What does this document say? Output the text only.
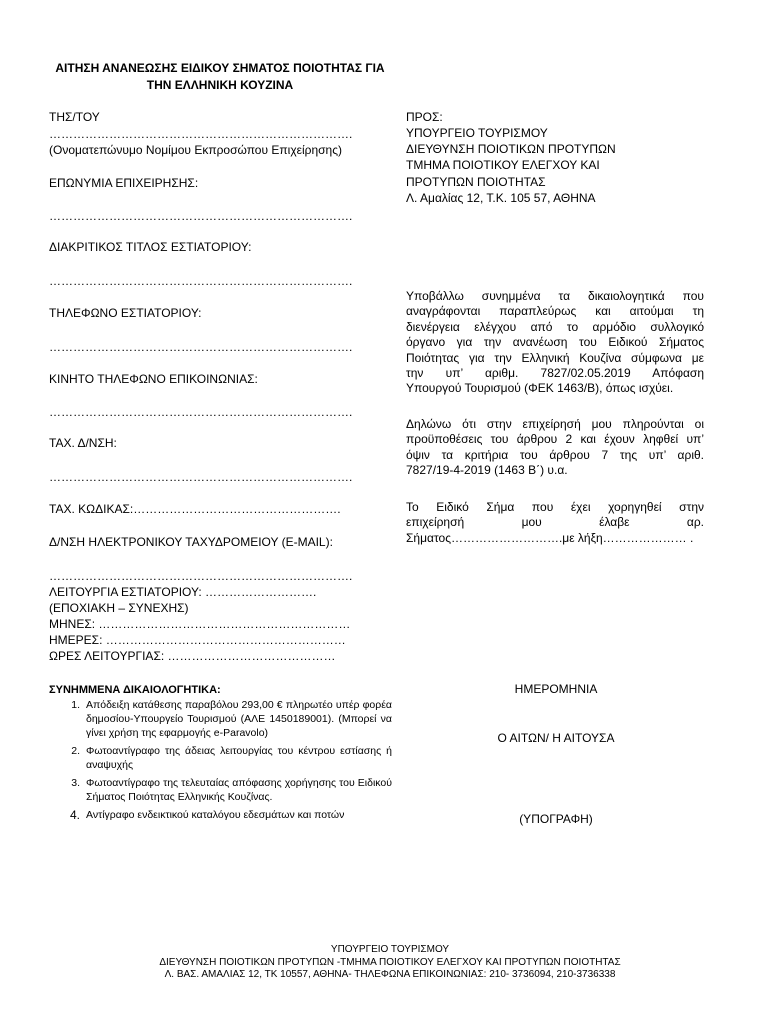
ΑΙΤΗΣΗ ΑΝΑΝΕΩΣΗΣ ΕΙΔΙΚΟΥ ΣΗΜΑΤΟΣ ΠΟΙΟΤΗΤΑΣ ΓΙΑ
ΤΗΝ ΕΛΛΗΝΙΚΗ ΚΟΥΖΙΝΑ
ΤΗΣ/ΤΟΥ
………………………………………………………………….
(Ονοματεπώνυμο Νομίμου Εκπροσώπου Επιχείρησης)
ΕΠΩΝΥΜΙΑ ΕΠΙΧΕΙΡΗΣΗΣ:
………………………………………………………………….
ΔΙΑΚΡΙΤΙΚΟΣ ΤΙΤΛΟΣ ΕΣΤΙΑΤΟΡΙΟΥ:
………………………………………………………………….
ΤΗΛΕΦΩΝΟ ΕΣΤΙΑΤΟΡΙΟΥ:
………………………………………………………………….
ΚΙΝΗΤΟ ΤΗΛΕΦΩΝΟ ΕΠΙΚΟΙΝΩΝΙΑΣ:
………………………………………………………………….
ΤΑΧ. Δ/ΝΣΗ:
………………………………………………………………….
ΤΑΧ. ΚΩΔΙΚΑΣ:…………………………………………….
Δ/ΝΣΗ ΗΛΕΚΤΡΟΝΙΚΟΥ ΤΑΧΥΔΡΟΜΕΙΟΥ (E-MAIL):
………………………………………………………………….
ΛΕΙΤΟΥΡΓΙΑ ΕΣΤΙΑΤΟΡΙΟΥ: ……………………….
(ΕΠΟΧΙΑΚΗ – ΣΥΝΕΧΗΣ)
ΜΗΝΕΣ: ………………………………………………………
ΗΜΕΡΕΣ: ……………………………………………………
ΩΡΕΣ ΛΕΙΤΟΥΡΓΙΑΣ: ……………………………………
ΠΡΟΣ:
ΥΠΟΥΡΓΕΙΟ ΤΟΥΡΙΣΜΟΥ
ΔΙΕΥΘΥΝΣΗ ΠΟΙΟΤΙΚΩΝ ΠΡΟΤΥΠΩΝ
ΤΜΗΜΑ ΠΟΙΟΤΙΚΟΥ ΕΛΕΓΧΟΥ ΚΑΙ
ΠΡΟΤΥΠΩΝ ΠΟΙΟΤΗΤΑΣ
Λ. Αμαλίας 12, Τ.Κ. 105 57, ΑΘΗΝΑ
Υποβάλλω συνημμένα τα δικαιολογητικά που
αναγράφονται παραπλεύρως και αιτούμαι τη
διενέργεια ελέγχου από το αρμόδιο συλλογικό
όργανο για την ανανέωση του Ειδικού Σήματος
Ποιότητας για την Ελληνική Κουζίνα σύμφωνα με
την υπ’ αριθμ. 7827/02.05.2019 Απόφαση
Υπουργού Τουρισμού (ΦΕΚ 1463/Β), όπως ισχύει.
Δηλώνω ότι στην επιχείρησή μου πληρούνται οι
προϋποθέσεις του άρθρου 2 και έχουν ληφθεί υπ’
όψιν τα κριτήρια του άρθρου 7 της υπ’ αριθ.
7827/19-4-2019 (1463 Β΄) υ.α.
Το Ειδικό Σήμα που έχει χορηγηθεί στην
επιχείρησή μου έλαβε αρ.
Σήματος……………………….με λήξη………………… .
ΣΥΝΗΜΜΕΝΑ ΔΙΚΑΙΟΛΟΓΗΤΙΚΑ:
1. Απόδειξη κατάθεσης παραβόλου 293,00 € πληρωτέο υπέρ φορέα δημοσίου-Υπουργείο Τουρισμού (ΑΛΕ 1450189001). (Μπορεί να γίνει χρήση της εφαρμογής e-Paravolo)
2. Φωτοαντίγραφο της άδειας λειτουργίας του κέντρου εστίασης ή αναψυχής
3. Φωτοαντίγραφο της τελευταίας απόφασης χορήγησης του Ειδικού Σήματος Ποιότητας Ελληνικής Κουζίνας.
4. Αντίγραφο ενδεικτικού καταλόγου εδεσμάτων και ποτών
ΗΜΕΡΟΜΗΝΙΑ
Ο ΑΙΤΩΝ/ Η ΑΙΤΟΥΣΑ
(ΥΠΟΓΡΑΦΗ)
ΥΠΟΥΡΓΕΙΟ ΤΟΥΡΙΣΜΟΥ
ΔΙΕΥΘΥΝΣΗ ΠΟΙΟΤΙΚΩΝ ΠΡΟΤΥΠΩΝ -ΤΜΗΜΑ ΠΟΙΟΤΙΚΟΥ ΕΛΕΓΧΟΥ ΚΑΙ ΠΡΟΤΥΠΩΝ ΠΟΙΟΤΗΤΑΣ
Λ. ΒΑΣ. ΑΜΑΛΙΑΣ 12, ΤΚ 10557, ΑΘΗΝΑ- ΤΗΛΕΦΩΝΑ ΕΠΙΚΟΙΝΩΝΙΑΣ: 210- 3736094, 210-3736338
